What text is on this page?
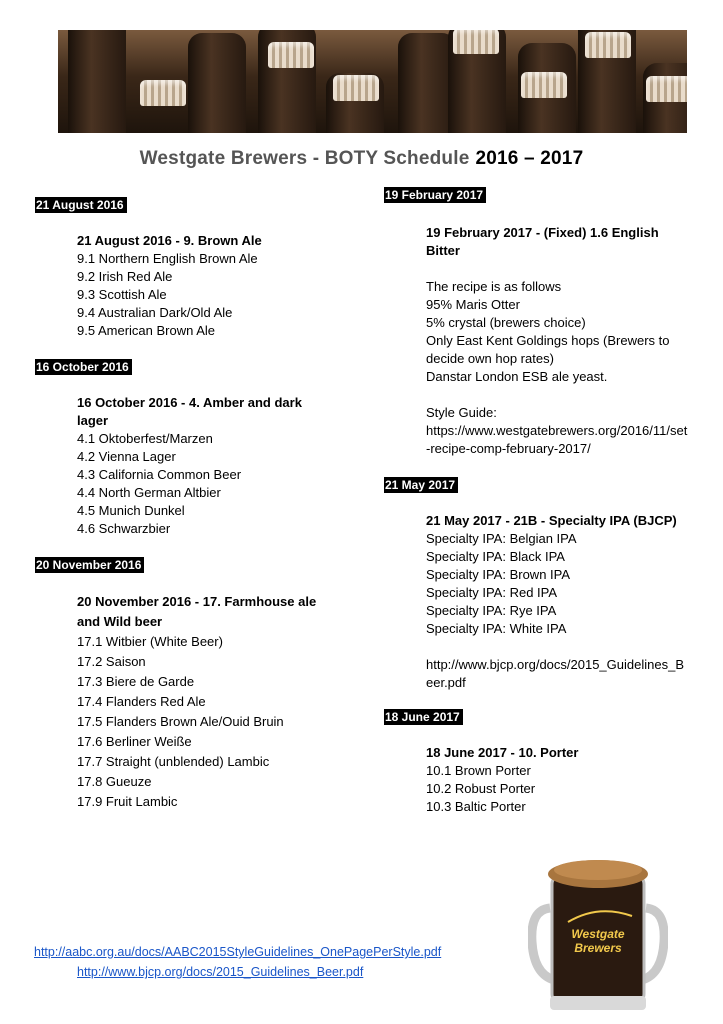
Westgate Brewers - BOTY Schedule 2016 – 2017
21 August 2016
21 August 2016 - 9. Brown Ale
9.1 Northern English Brown Ale
9.2 Irish Red Ale
9.3 Scottish Ale
9.4 Australian Dark/Old Ale
9.5 American Brown Ale
16 October 2016
16 October 2016 - 4. Amber and dark lager
4.1 Oktoberfest/Marzen
4.2 Vienna Lager
4.3 California Common Beer
4.4 North German Altbier
4.5 Munich Dunkel
4.6 Schwarzbier
20 November 2016
20 November 2016 - 17. Farmhouse ale and Wild beer
17.1 Witbier (White Beer)
17.2 Saison
17.3 Biere de Garde
17.4 Flanders Red Ale
17.5 Flanders Brown Ale/Ouid Bruin
17.6 Berliner Weiße
17.7 Straight (unblended) Lambic
17.8 Gueuze
17.9 Fruit Lambic
19 February 2017
19 February 2017 - (Fixed) 1.6 English Bitter
The recipe is as follows
95% Maris Otter
5% crystal (brewers choice)
Only East Kent Goldings hops (Brewers to decide own hop rates)
Danstar London ESB ale yeast.
Style Guide:
https://www.westgatebrewers.org/2016/11/set-recipe-comp-february-2017/
21 May 2017
21 May 2017 - 21B - Specialty IPA (BJCP)
Specialty IPA: Belgian IPA
Specialty IPA: Black IPA
Specialty IPA: Brown IPA
Specialty IPA: Red IPA
Specialty IPA: Rye IPA
Specialty IPA: White IPA
http://www.bjcp.org/docs/2015_Guidelines_Beer.pdf
18 June 2017
18 June 2017 - 10. Porter
10.1 Brown Porter
10.2 Robust Porter
10.3 Baltic Porter
Westgate
Brewers
http://aabc.org.au/docs/AABC2015StyleGuidelines_OnePagePerStyle.pdf
http://www.bjcp.org/docs/2015_Guidelines_Beer.pdf
